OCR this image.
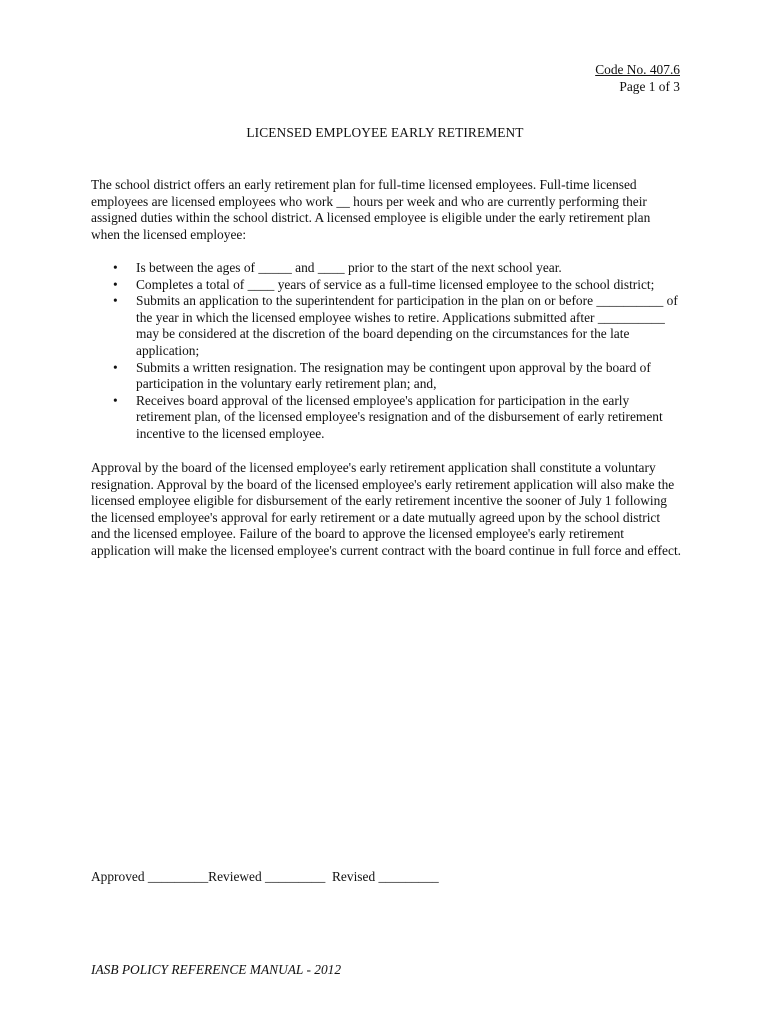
Code No. 407.6
Page 1 of 3
LICENSED EMPLOYEE EARLY RETIREMENT

The school district offers an early retirement plan for full-time licensed employees. Full-time licensed employees are licensed employees who work __ hours per week and who are currently performing their assigned duties within the school district. A licensed employee is eligible under the early retirement plan when the licensed employee:

• Is between the ages of _____ and ____ prior to the start of the next school year.
• Completes a total of ____ years of service as a full-time licensed employee to the school district;
• Submits an application to the superintendent for participation in the plan on or before __________ of the year in which the licensed employee wishes to retire. Applications submitted after __________ may be considered at the discretion of the board depending on the circumstances for the late application;
• Submits a written resignation. The resignation may be contingent upon approval by the board of participation in the voluntary early retirement plan; and,
• Receives board approval of the licensed employee's application for participation in the early retirement plan, of the licensed employee's resignation and of the disbursement of early retirement incentive to the licensed employee.

Approval by the board of the licensed employee's early retirement application shall constitute a voluntary resignation. Approval by the board of the licensed employee's early retirement application will also make the licensed employee eligible for disbursement of the early retirement incentive the sooner of July 1 following the licensed employee's approval for early retirement or a date mutually agreed upon by the school district and the licensed employee. Failure of the board to approve the licensed employee's early retirement application will make the licensed employee's current contract with the board continue in full force and effect.

Approved _________Reviewed _________  Revised _________
IASB POLICY REFERENCE MANUAL - 2012
